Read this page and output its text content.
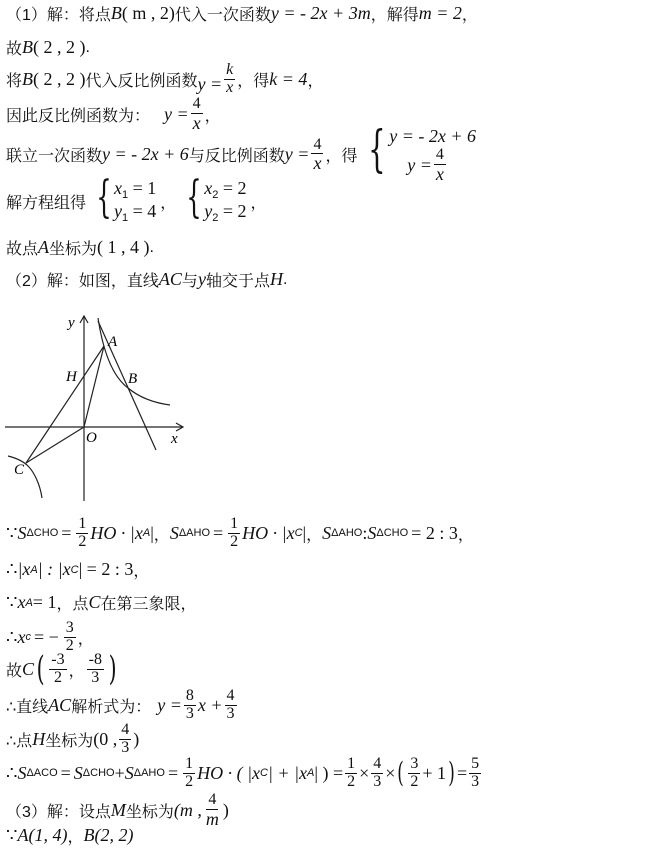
（1）解：将点 B ( m , 2) 代入一次函数 y = - 2x + 3m ，解得 m = 2 ，
故 B ( 2 , 2 ) .
将 B ( 2 , 2 ) 代入反比例函数 $y = \frac{k}{x}$ ，得 k = 4 ，
因此反比例函数为： $y = \frac{4}{x}$ ，
联立一次函数 y = - 2x + 6 与反比例函数 $y = \frac{4}{x}$ ，得 { y = - 2x + 6
$y = \frac{4}{x}$
解方程组得 { $x_1 = 1$
$y_1 = 4$ ， { $x_2 = 2$
$y_2 = 2$ ，
故点 A 坐标为 ( 1 , 4 ) .
（2）解：如图，直线 AC 与 y 轴交于点 H .
y
x
O
A
B
H
C
∵ S $\Delta CHO = \frac{1}{2}$ HO · |x A | ， S $\Delta AHO = \frac{1}{2}$ HO · |x C | ， S ΔAHO : S ΔCHO = 2 : 3 ，
∴ |x A | : |x C | = 2 : 3 ，
∵ x A = 1 ，点 C 在第三象限，
∴ x c = − $\frac{3}{2}$ ，
故 C ( $\frac{-3}{2}$ ， $\frac{-8}{3}$ )
∴直线 AC 解析式为： $y = \frac{8}{3}$ $x + \frac{4}{3}$
∴点 H 坐标为 (0 , $\frac{4}{3}$ )
∴ S ΔACO = S ΔCHO + S $\Delta AHO = \frac{1}{2}$ HO · ( |x C | + |x A | ) = $\frac{1}{2} \times \frac{4}{3}$ × ( $\frac{3}{2} + 1$ ) = $\frac{5}{3}$
（3）解：设点 M 坐标为 (m , $\frac{4}{m}$ )
∵ A(1, 4) ， B(2, 2)
